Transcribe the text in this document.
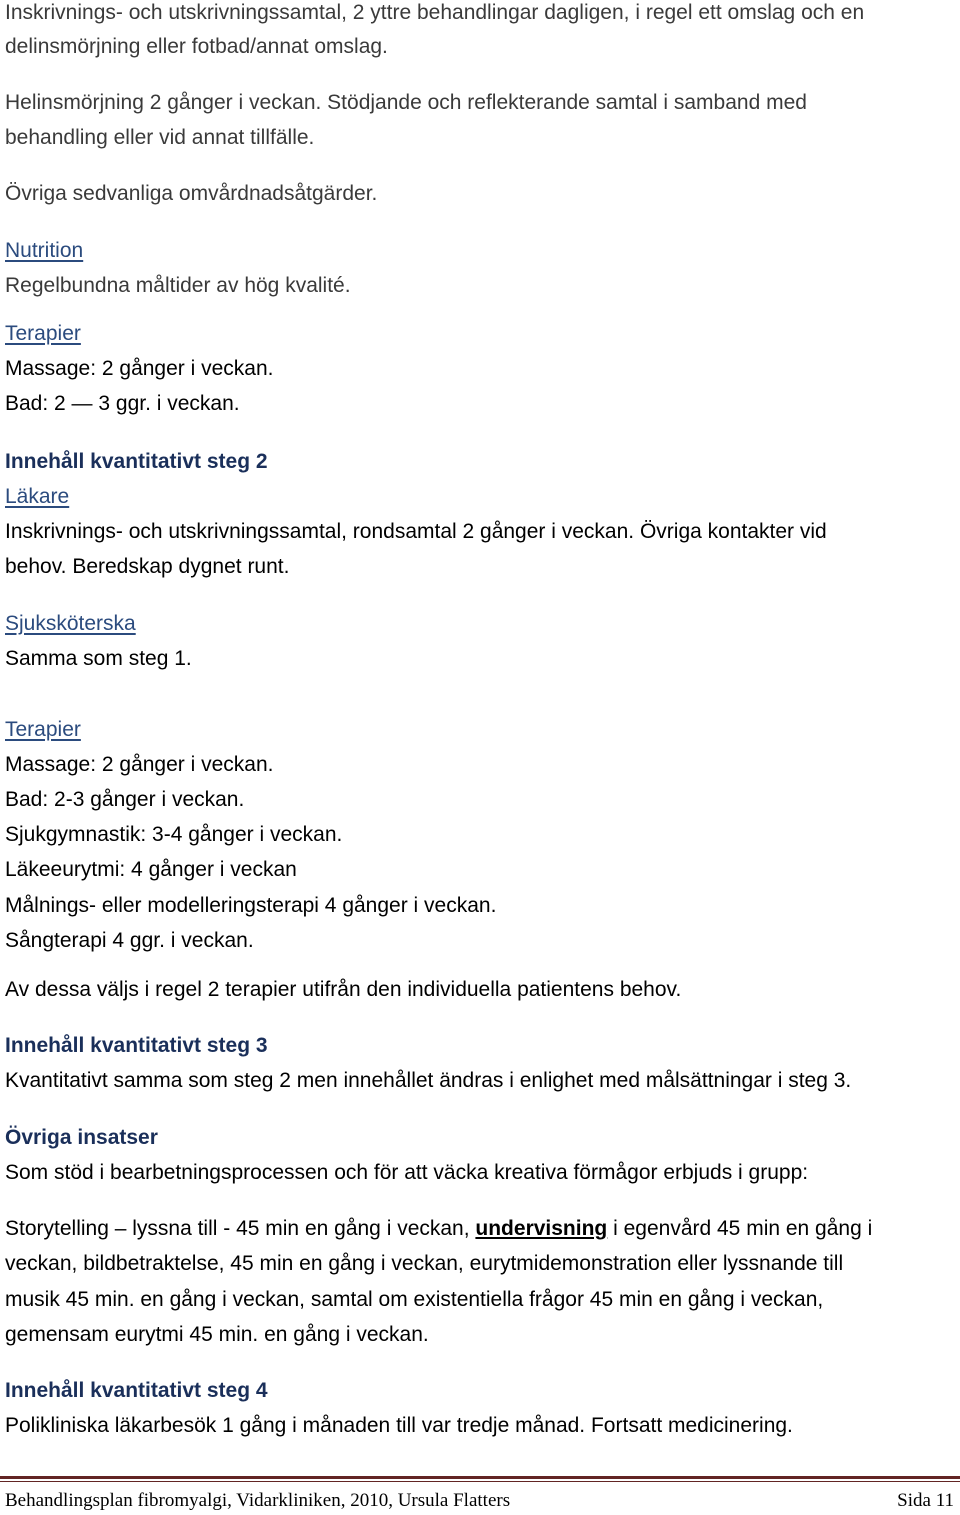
Inskrivnings- och utskrivningssamtal, 2 yttre behandlingar dagligen, i regel ett omslag och en
delinsmörjning eller fotbad/annat omslag.
Helinsmörjning 2 gånger i veckan. Stödjande och reflekterande samtal i samband med
behandling eller vid annat tillfälle.
Övriga sedvanliga omvårdnadsåtgärder.
Nutrition
Regelbundna måltider av hög kvalité.
Terapier
Massage: 2 gånger i veckan.
Bad: 2 — 3 ggr. i veckan.
Innehåll kvantitativt steg 2
Läkare
Inskrivnings- och utskrivningssamtal, rondsamtal 2 gånger i veckan. Övriga kontakter vid
behov. Beredskap dygnet runt.
Sjuksköterska
Samma som steg 1.
Terapier
Massage: 2 gånger i veckan.
Bad: 2-3 gånger i veckan.
Sjukgymnastik: 3-4 gånger i veckan.
Läkeeurytmi: 4 gånger i veckan
Målnings- eller modelleringsterapi 4 gånger i veckan.
Sångterapi 4 ggr. i veckan.
Av dessa väljs i regel 2 terapier utifrån den individuella patientens behov.
Innehåll kvantitativt steg 3
Kvantitativt samma som steg 2 men innehållet ändras i enlighet med målsättningar i steg 3.
Övriga insatser
Som stöd i bearbetningsprocessen och för att väcka kreativa förmågor erbjuds i grupp:
Storytelling – lyssna till - 45 min en gång i veckan, undervisning i egenvård 45 min en gång i
veckan, bildbetraktelse, 45 min en gång i veckan, eurytmidemonstration eller lyssnande till
musik 45 min. en gång i veckan, samtal om existentiella frågor 45 min en gång i veckan,
gemensam eurytmi 45 min. en gång i veckan.
Innehåll kvantitativt steg 4
Polikliniska läkarbesök 1 gång i månaden till var tredje månad. Fortsatt medicinering.
Behandlingsplan fibromyalgi, Vidarkliniken, 2010, Ursula Flatters	Sida 11
